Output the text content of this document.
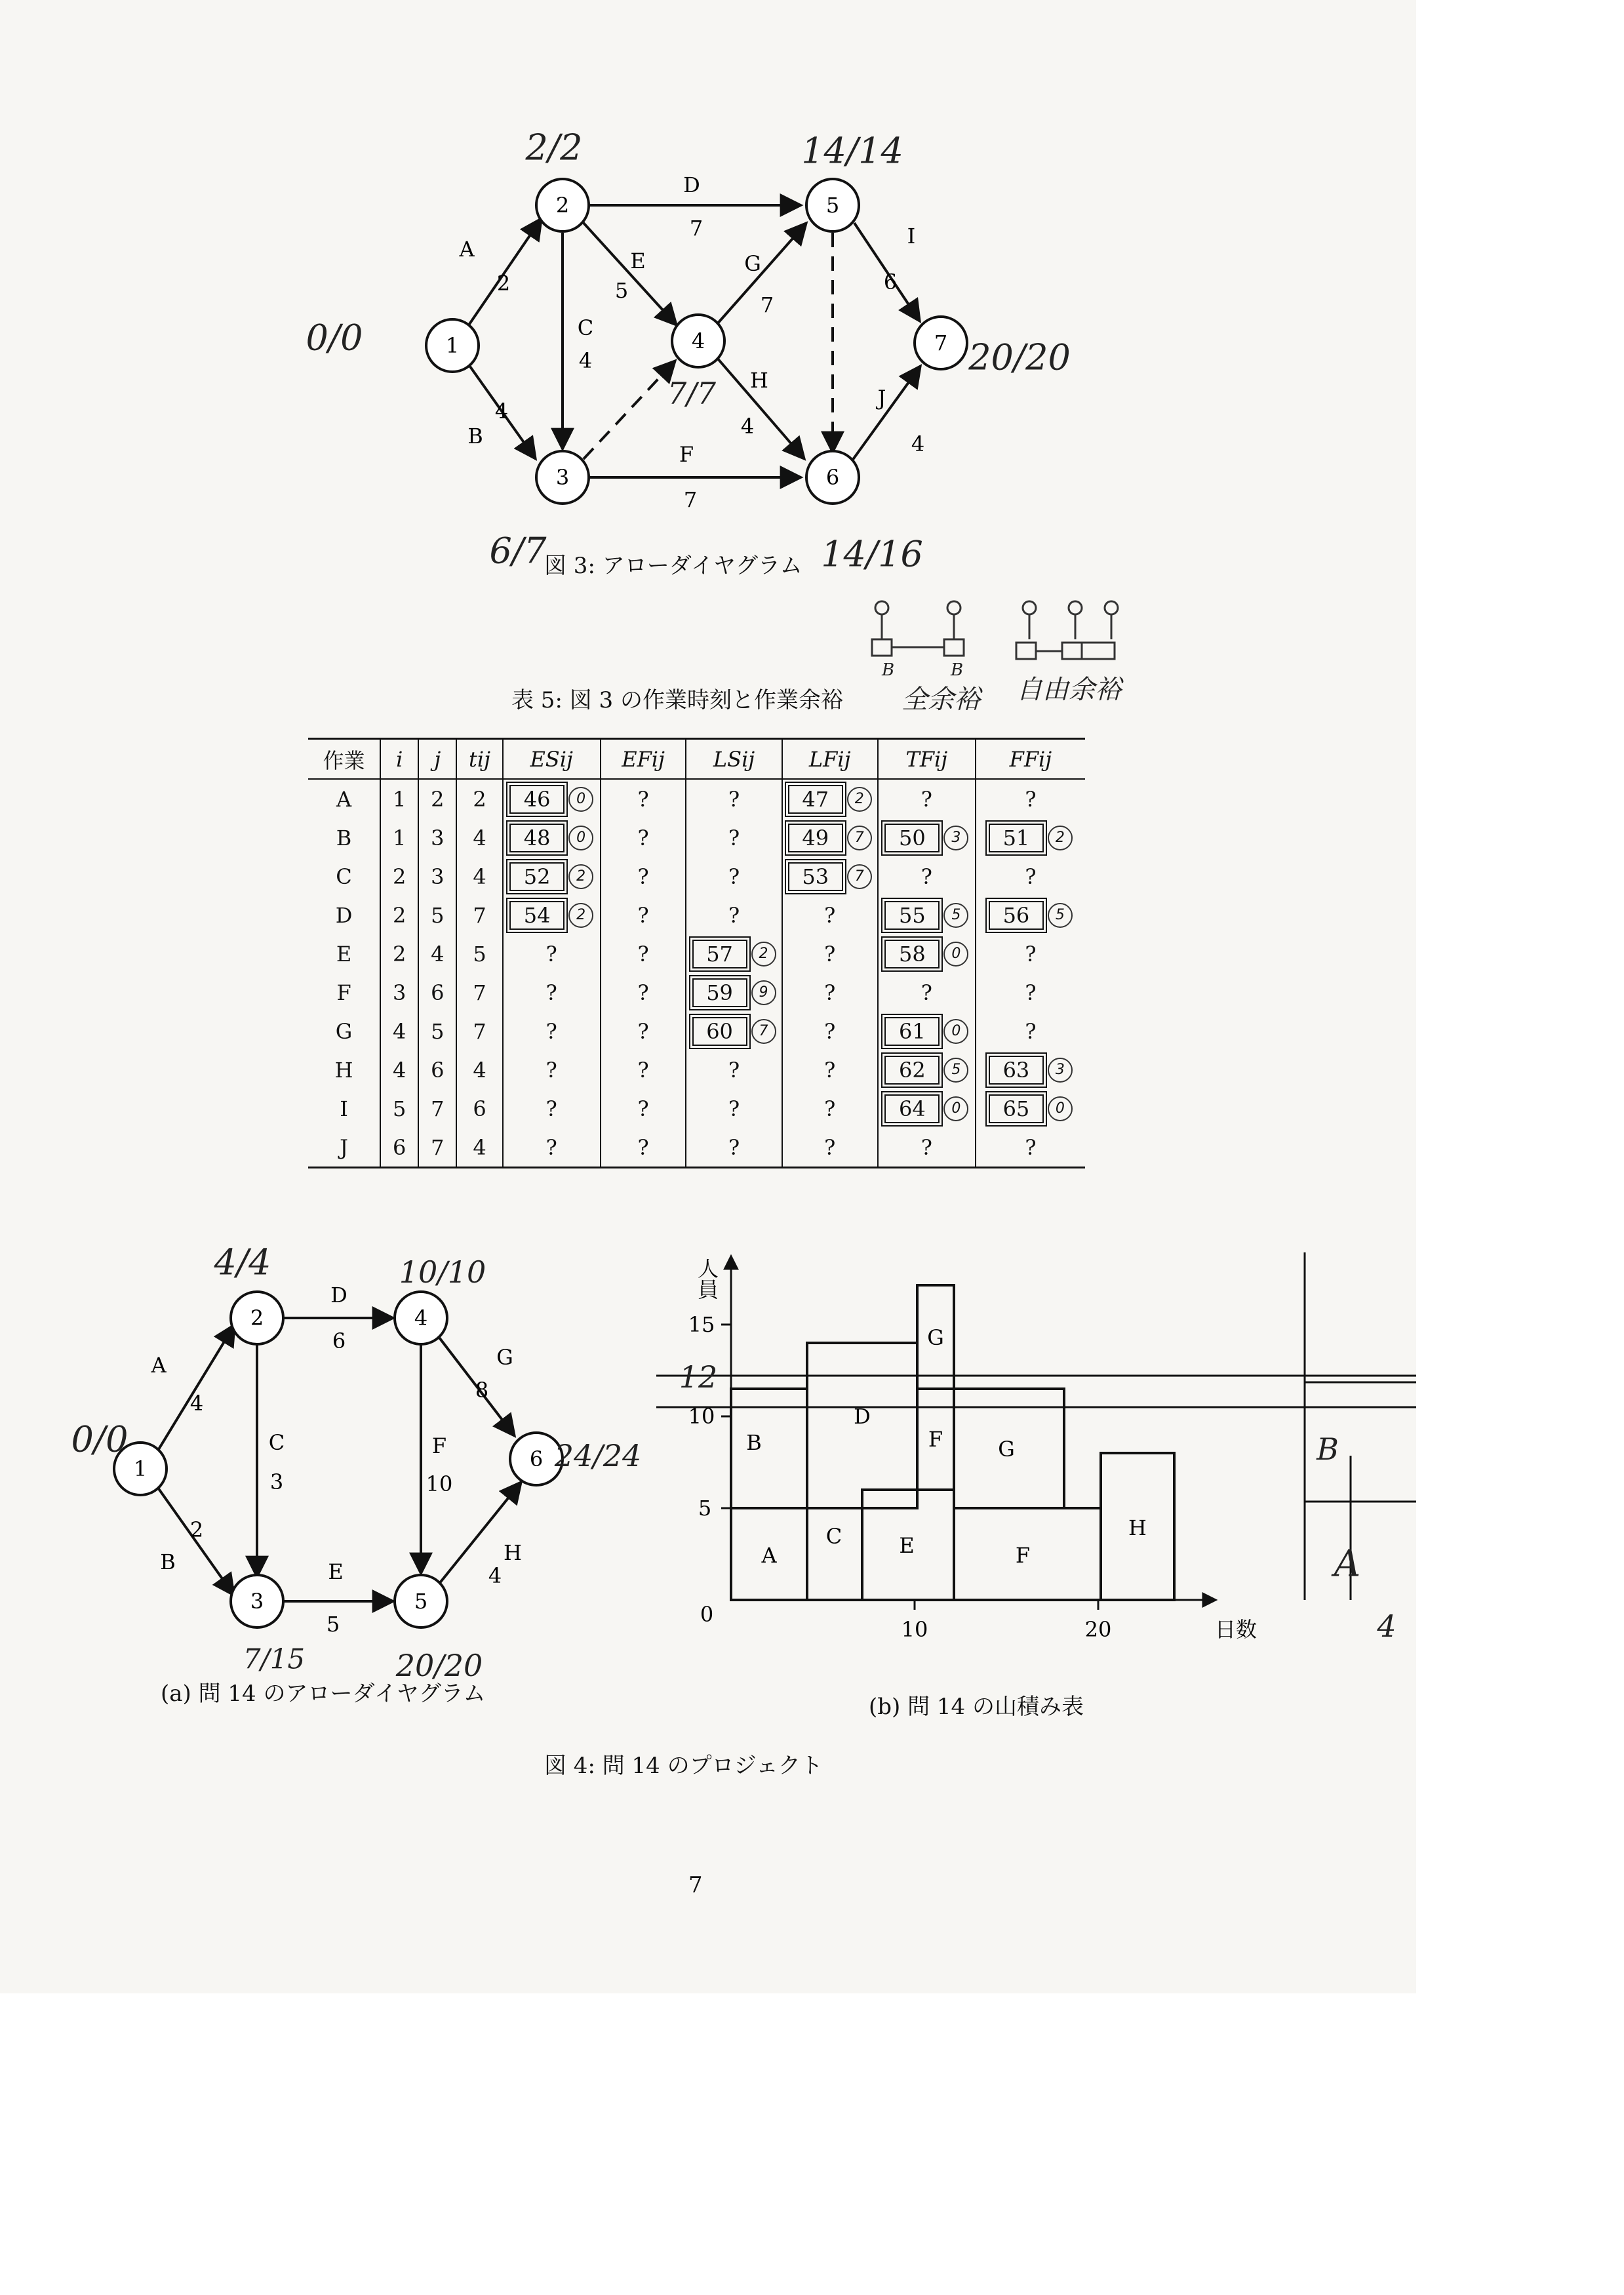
1
2
3
4
5
6
7
A
2
B
4
C
4
D
7
E
5
F
7
G
7
H
4
I
6
J
4
0/0
2/2
6/7
7/7
14/14
14/16
20/20
図 3: アローダイヤグラム
表 5: 図 3 の作業時刻と作業余裕
B	B
全余裕 自由余裕
作業	i	j	tij	ESij	EFij	LSij	LFij	TFij	FFij
A	1	2	2	46 0	?	?	47 2	?	?
B	1	3	4	48 0	?	?	49 7	50 3	51 2

C	2	3	4	52 2	?	?	53 7	?	?
D	2	5	7	54 2	?	?	?	55 5	56 5

E	2	4	5	?	?	57 2	?	58 0	?
F	3	6	7	?	?	59 9	?	?	?
G	4	5	7	?	?	60 7	?	61 0	?
H	4	6	4	?	?	?	?	62 5	63 3

I	5	7	6	?	?	?	?	64 0	65 0

J	6	7	4	?	?	?	?	?	?
1
2
3
4
5
6
A
4
B
2
C
3
D
6
E
5
F
10
G
8
H
4
0/0
4/4
7/15
10/10
20/20
24/24
(a) 問 14 のアローダイヤグラム
人員
0
5
10
15
10	20	日数
A
B
C
D
E
F
G
F
G
H
12
B
A
4
(b) 問 14 の山積み表
図 4: 問 14 のプロジェクト
7
